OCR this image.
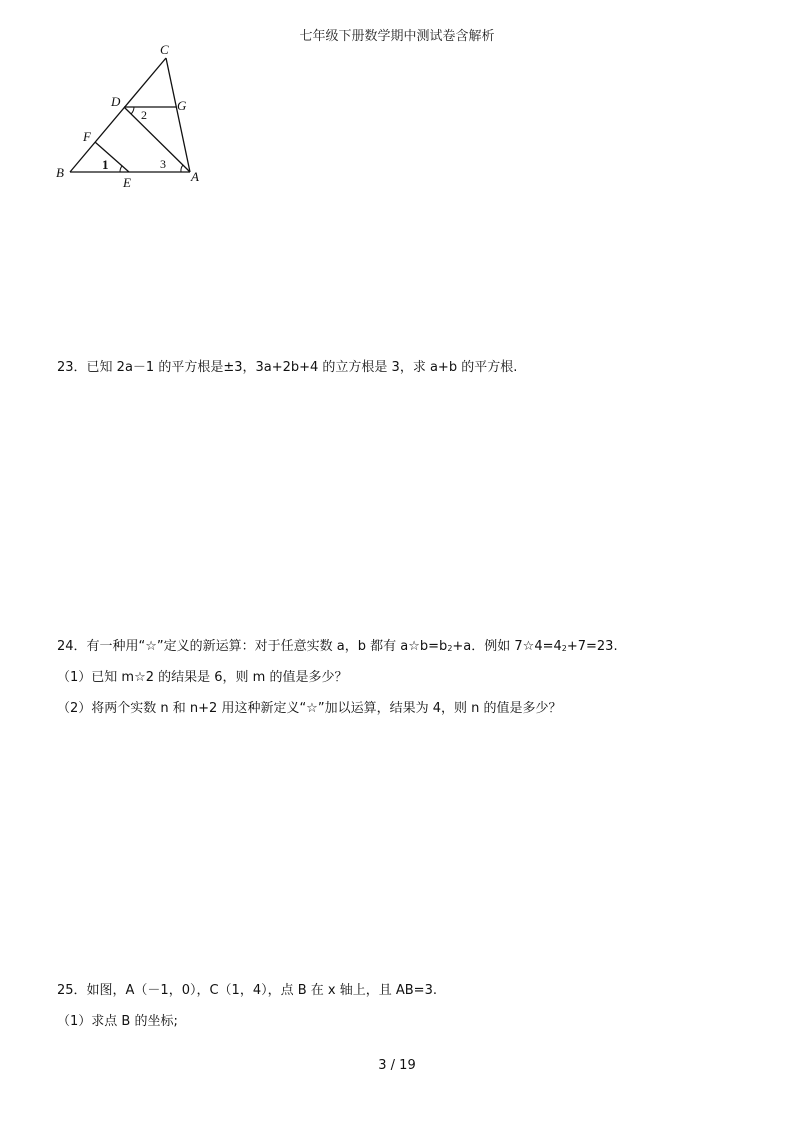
七年级下册数学期中测试卷含解析
C
D	G
F
B
E	A
1
2
3
23．已知 2a－1 的平方根是±3，3a+2b+4 的立方根是 3，求 a+b 的平方根.
24．有一种用“☆”定义的新运算：对于任意实数 a，b 都有 $a☆b=b^2+a$．例如 $7☆4=4^2+7=23$.
（1）已知 m☆2 的结果是 6，则 m 的值是多少？
（2）将两个实数 n 和 n+2 用这种新定义“☆”加以运算，结果为 4，则 n 的值是多少？
25．如图，A（－1，0），C（1，4），点 B 在 x 轴上，且 AB=3.
（1）求点 B 的坐标;
3 / 19
